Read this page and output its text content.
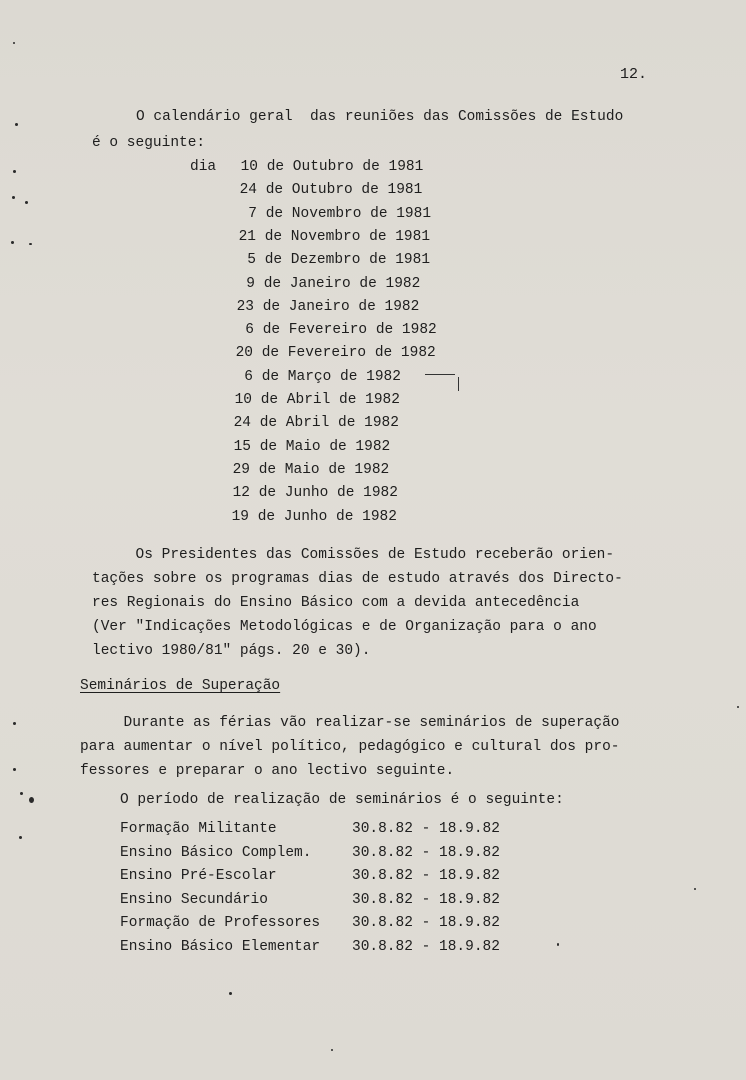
12.
O calendário geral  das reuniões das Comissões de Estudo
é o seguinte:
dia 10 de Outubro de 1981
24 de Outubro de 1981
7 de Novembro de 1981
21 de Novembro de 1981
5 de Dezembro de 1981
9 de Janeiro de 1982
23 de Janeiro de 1982
6 de Fevereiro de 1982
20 de Fevereiro de 1982
6 de Março de 1982
10 de Abril de 1982
24 de Abril de 1982
15 de Maio de 1982
29 de Maio de 1982
12 de Junho de 1982
19 de Junho de 1982
Os Presidentes das Comissões de Estudo receberão orien-
tações sobre os programas dias de estudo através dos Directo-
res Regionais do Ensino Básico com a devida antecedência
(Ver "Indicações Metodológicas e de Organização para o ano
lectivo 1980/81" págs. 20 e 30).
Seminários de Superação
Durante as férias vão realizar-se seminários de superação
para aumentar o nível político, pedagógico e cultural dos pro-
fessores e preparar o ano lectivo seguinte.
O período de realização de seminários é o seguinte:
Formação Militante	30.8.82 - 18.9.82
Ensino Básico Complem.	30.8.82 - 18.9.82
Ensino Pré-Escolar	30.8.82 - 18.9.82
Ensino Secundário	30.8.82 - 18.9.82
Formação de Professores 30.8.82 - 18.9.82
Ensino Básico Elementar 30.8.82 - 18.9.82
